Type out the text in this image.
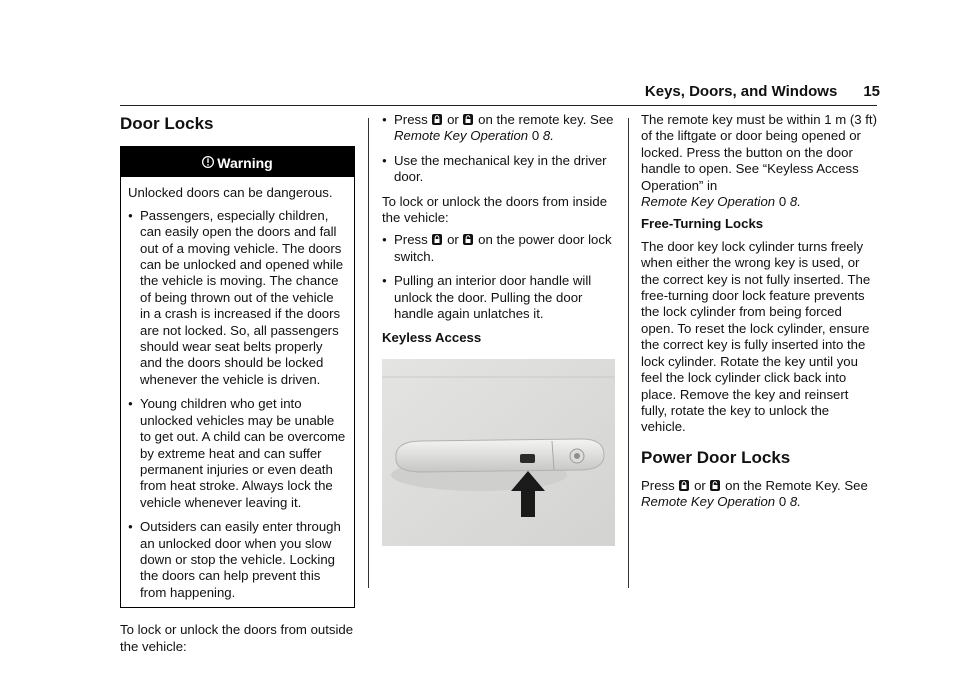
Keys, Doors, and Windows 15
Door Locks
Warning

Unlocked doors can be dangerous.

● Passengers, especially children, can easily open the doors and fall out of a moving vehicle. The doors can be unlocked and opened while the vehicle is moving. The chance of being thrown out of the vehicle in a crash is increased if the doors are not locked. So, all passengers should wear seat belts properly and the doors should be locked whenever the vehicle is driven.
● Young children who get into unlocked vehicles may be unable to get out. A child can be overcome by extreme heat and can suffer permanent injuries or even death from heat stroke. Always lock the vehicle whenever leaving it.
● Outsiders can easily enter through an unlocked door when you slow down or stop the vehicle. Locking the doors can help prevent this from happening.

To lock or unlock the doors from outside the vehicle:

● Press or on the remote key. See
Remote Key Operation 0 8.
● Use the mechanical key in the driver door.

To lock or unlock the doors from inside the vehicle:

● Press or on the power door lock switch.
● Pulling an interior door handle will unlock the door. Pulling the door handle again unlatches it.
Keyless Access

The remote key must be within 1 m (3 ft) of the liftgate or door being opened or locked. Press the button on the door handle to open. See “Keyless Access Operation” in
Remote Key Operation 0 8.

Free-Turning Locks

The door key lock cylinder turns freely when either the wrong key is used, or the correct key is not fully inserted. The free-turning door lock feature prevents the lock cylinder from being forced open. To reset the lock cylinder, ensure the correct key is fully inserted into the lock cylinder. Rotate the key until you feel the lock cylinder click back into place. Remove the key and reinsert fully, rotate the key to unlock the vehicle.

Power Door Locks

Press or on the Remote Key. See
Remote Key Operation 0 8.
